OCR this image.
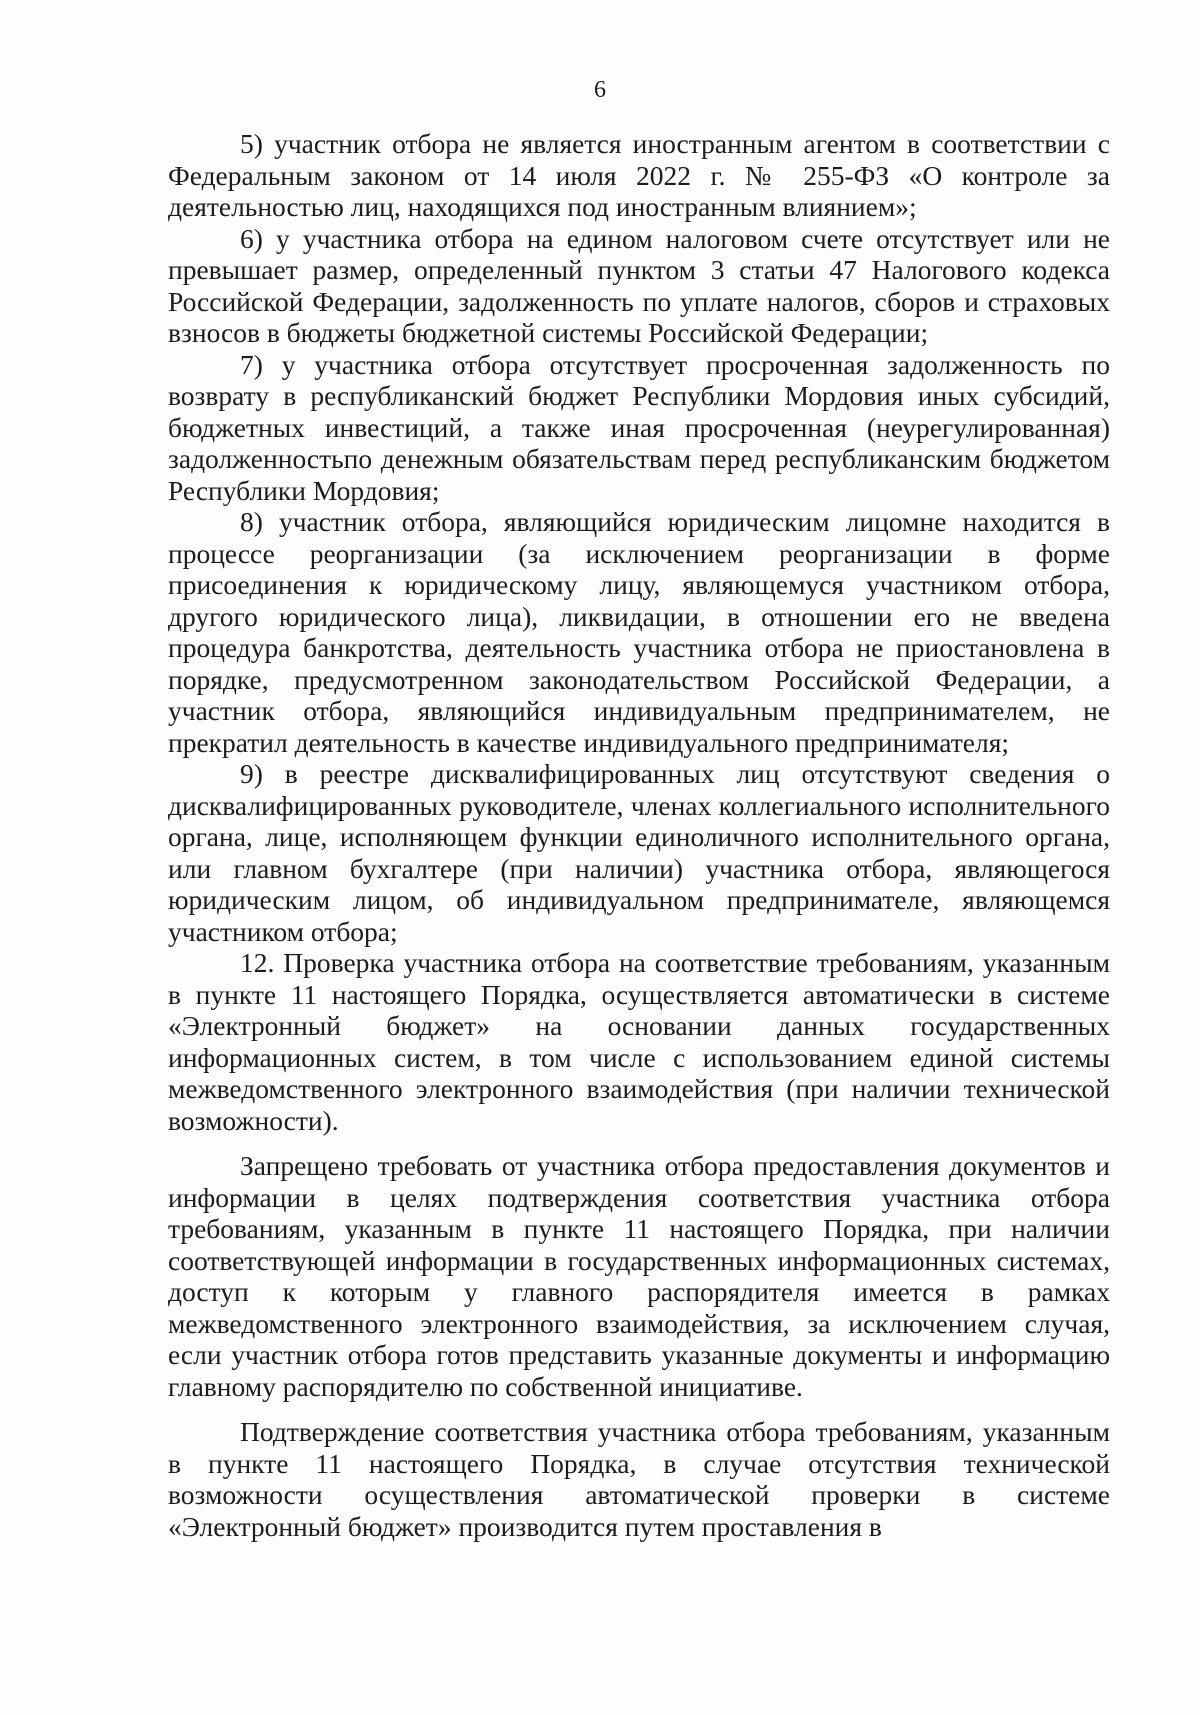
6

5) участник отбора не является иностранным агентом в соответствии с Федеральным законом от 14 июля 2022 г. № 255-ФЗ «О контроле за деятельностью лиц, находящихся под иностранным влиянием»;

6) у участника отбора на едином налоговом счете отсутствует или не превышает размер, определенный пунктом 3 статьи 47 Налогового кодекса Российской Федерации, задолженность по уплате налогов, сборов и страховых взносов в бюджеты бюджетной системы Российской Федерации;

7) у участника отбора отсутствует просроченная задолженность по возврату в республиканский бюджет Республики Мордовия иных субсидий, бюджетных инвестиций, а также иная просроченная (неурегулированная) задолженностьпо денежным обязательствам перед республиканским бюджетом Республики Мордовия;

8) участник отбора, являющийся юридическим лицомне находится в процессе реорганизации (за исключением реорганизации в форме присоединения к юридическому лицу, являющемуся участником отбора, другого юридического лица), ликвидации, в отношении его не введена процедура банкротства, деятельность участника отбора не приостановлена в порядке, предусмотренном законодательством Российской Федерации, а участник отбора, являющийся индивидуальным предпринимателем, не прекратил деятельность в качестве индивидуального предпринимателя;

9) в реестре дисквалифицированных лиц отсутствуют сведения о дисквалифицированных руководителе, членах коллегиального исполнительного органа, лице, исполняющем функции единоличного исполнительного органа, или главном бухгалтере (при наличии) участника отбора, являющегося юридическим лицом, об индивидуальном предпринимателе, являющемся участником отбора;

12. Проверка участника отбора на соответствие требованиям, указанным в пункте 11 настоящего Порядка, осуществляется автоматически в системе «Электронный бюджет» на основании данных государственных информационных систем, в том числе с использованием единой системы межведомственного электронного взаимодействия (при наличии технической возможности).

Запрещено требовать от участника отбора предоставления документов и информации в целях подтверждения соответствия участника отбора требованиям, указанным в пункте 11 настоящего Порядка, при наличии соответствующей информации в государственных информационных системах, доступ к которым у главного распорядителя имеется в рамках межведомственного электронного взаимодействия, за исключением случая, если участник отбора готов представить указанные документы и информацию главному распорядителю по собственной инициативе.

Подтверждение соответствия участника отбора требованиям, указанным в пункте 11 настоящего Порядка, в случае отсутствия технической возможности осуществления автоматической проверки в системе «Электронный бюджет» производится путем проставления в
